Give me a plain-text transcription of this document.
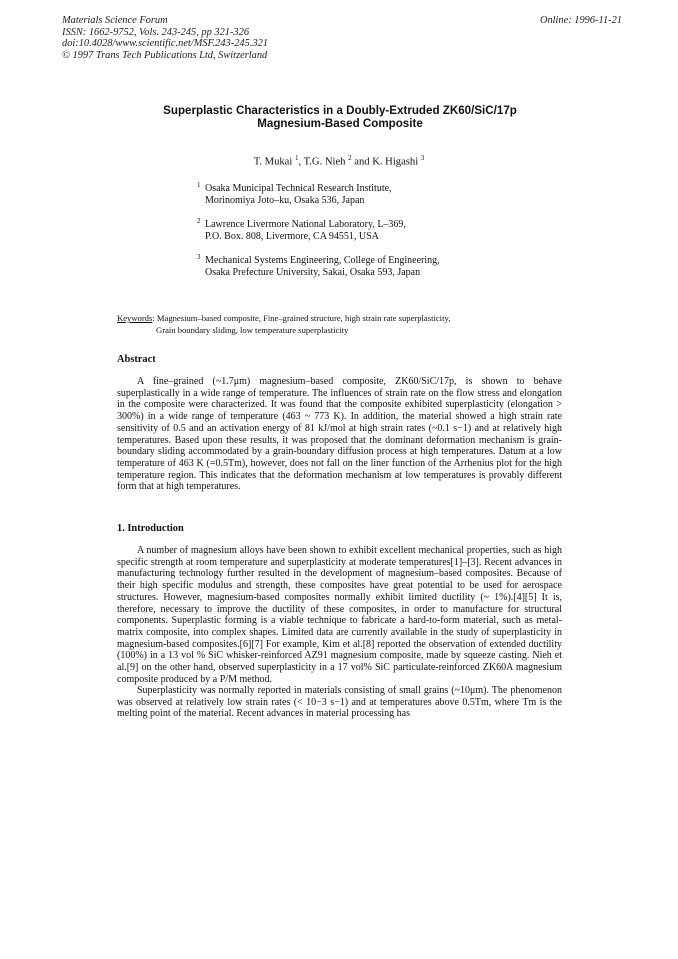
Materials Science Forum
ISSN: 1662-9752, Vols. 243-245, pp 321-326
doi:10.4028/www.scientific.net/MSF.243-245.321
© 1997 Trans Tech Publications Ltd, Switzerland
Online: 1996-11-21
Superplastic Characteristics in a Doubly-Extruded ZK60/SiC/17p
Magnesium-Based Composite
T. Mukai $^1$, T.G. Nieh $^2$ and K. Higashi $^3$
1 Osaka Municipal Technical Research Institute,
Morinomiya Joto–ku, Osaka 536, Japan
2 Lawrence Livermore National Laboratory, L–369,
P.O. Box. 808, Livermore, CA 94551, USA
3 Mechanical Systems Engineering, College of Engineering,
Osaka Prefecture University, Sakai, Osaka 593, Japan
Keywords: Magnesium–based composite, Fine–grained structure, high strain rate superplasticity,
Grain boundary sliding, low temperature superplasticity
Abstract

A fine–grained (~1.7μm) magnesium–based composite, ZK60/SiC/17p, is shown to behave superplastically in a wide range of temperature. The influences of strain rate on the flow stress and elongation in the composite were characterized. It was found that the composite exhibited superplasticity (elongation > 300%) in a wide range of temperature (463 ~ 773 K). In addition, the material showed a high strain rate sensitivity of 0.5 and an activation energy of 81 kJ/mol at high strain rates (~0.1 s−1) and at relatively high temperatures. Based upon these results, it was proposed that the dominant deformation mechanism is grain-boundary sliding accommodated by a grain-boundary diffusion process at high temperatures. Datum at a low temperature of 463 K (=0.5Tm), however, does not fall on the liner function of the Arrhenius plot for the high temperature region. This indicates that the deformation mechanism at low temperatures is provably different form that at high temperatures.

1. Introduction

A number of magnesium alloys have been shown to exhibit excellent mechanical properties, such as high specific strength at room temperature and superplasticity at moderate temperatures[1]–[3]. Recent advances in manufacturing technology further resulted in the development of magnesium–based composites. Because of their high specific modulus and strength, these composites have great potential to be used for aerospace structures. However, magnesium-based composites normally exhibit limited ductility (~ 1%).[4][5] It is, therefore, necessary to improve the ductility of these composites, in order to manufacture for structural components. Superplastic forming is a viable technique to fabricate a hard-to-form material, such as metal-matrix composite, into complex shapes. Limited data are currently available in the study of superplasticity in magnesium-based composites.[6][7] For example, Kim et al.[8] reported the observation of extended ductility (100%) in a 13 vol % SiC whisker-reinforced AZ91 magnesium composite, made by squeeze casting. Nieh et al.[9] on the other hand, observed superplasticity in a 17 vol% SiC particulate-reinforced ZK60A magnesium composite produced by a P/M method.

Superplasticity was normally reported in materials consisting of small grains (~10μm). The phenomenon was observed at relatively low strain rates (< 10−3 s−1) and at temperatures above 0.5Tm, where Tm is the melting point of the material. Recent advances in material processing has
